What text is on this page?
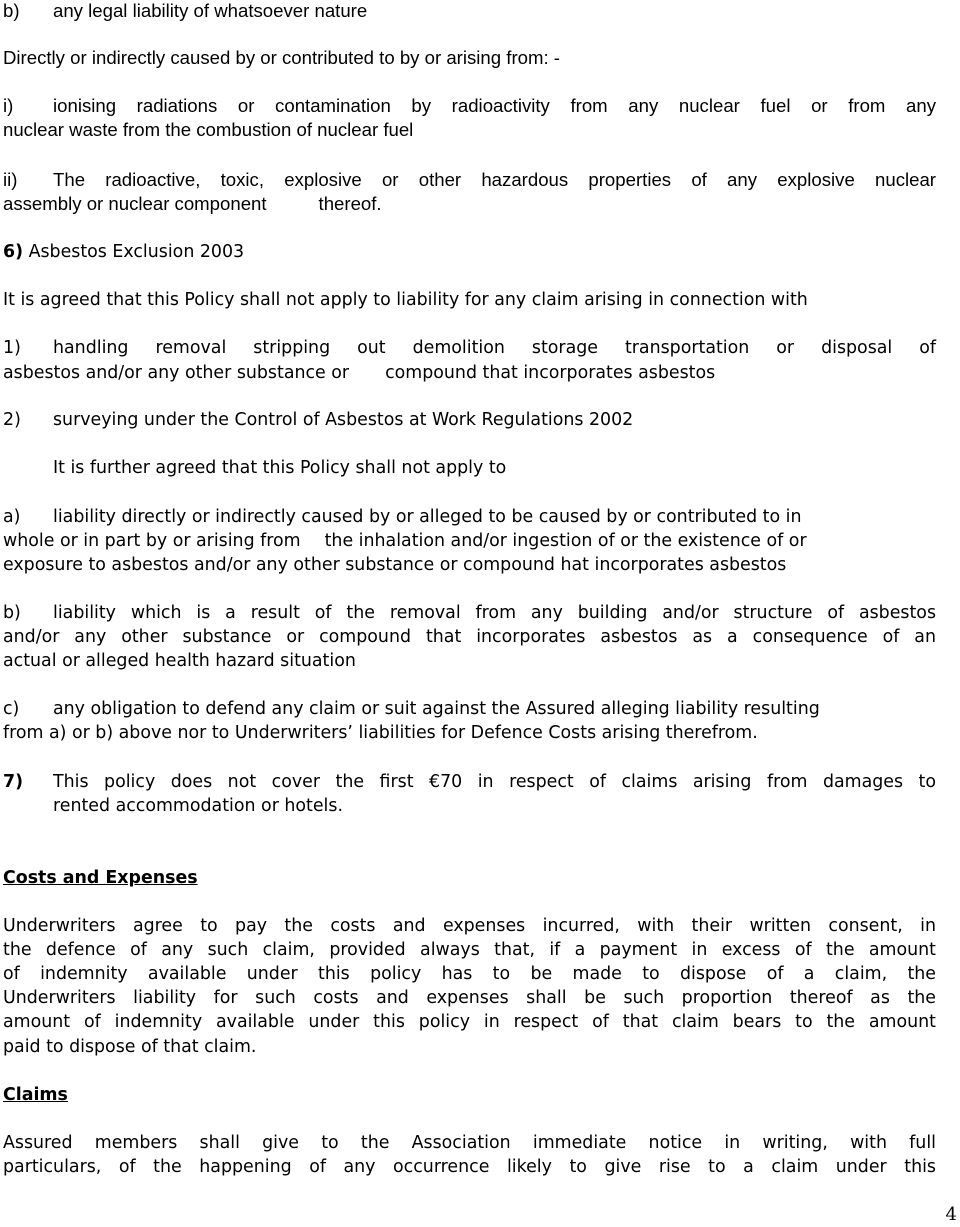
b) any legal liability of whatsoever nature
Directly or indirectly caused by or contributed to by or arising from: -
i) ionising radiations or contamination by radioactivity from any nuclear fuel or from any
nuclear waste from the combustion of nuclear fuel
ii) The radioactive, toxic, explosive or other hazardous properties of any explosive nuclear
assembly or nuclear component	thereof.
6) Asbestos Exclusion 2003
It is agreed that this Policy shall not apply to liability for any claim arising in connection with
1) handling removal stripping out demolition storage transportation or disposal of
asbestos and/or any other substance or compound that incorporates asbestos
2) surveying under the Control of Asbestos at Work Regulations 2002
It is further agreed that this Policy shall not apply to
a) liability directly or indirectly caused by or alleged to be caused by or contributed to in
whole or in part by or arising from the inhalation and/or ingestion of or the existence of or
exposure to asbestos and/or any other substance or compound hat incorporates asbestos
b) liability which is a result of the removal from any building and/or structure of asbestos
and/or any other substance or compound that incorporates asbestos as a consequence of an
actual or alleged health hazard situation
c) any obligation to defend any claim or suit against the Assured alleging liability resulting
from a) or b) above nor to Underwriters’ liabilities for Defence Costs arising therefrom.
7) This policy does not cover the first €70 in respect of claims arising from damages to
rented accommodation or hotels.
Costs and Expenses
Underwriters agree to pay the costs and expenses incurred, with their written consent, in
the defence of any such claim, provided always that, if a payment in excess of the amount
of indemnity available under this policy has to be made to dispose of a claim, the
Underwriters liability for such costs and expenses shall be such proportion thereof as the
amount of indemnity available under this policy in respect of that claim bears to the amount
paid to dispose of that claim.
Claims
Assured members shall give to the Association immediate notice in writing, with full
particulars, of the happening of any occurrence likely to give rise to a claim under this
4
